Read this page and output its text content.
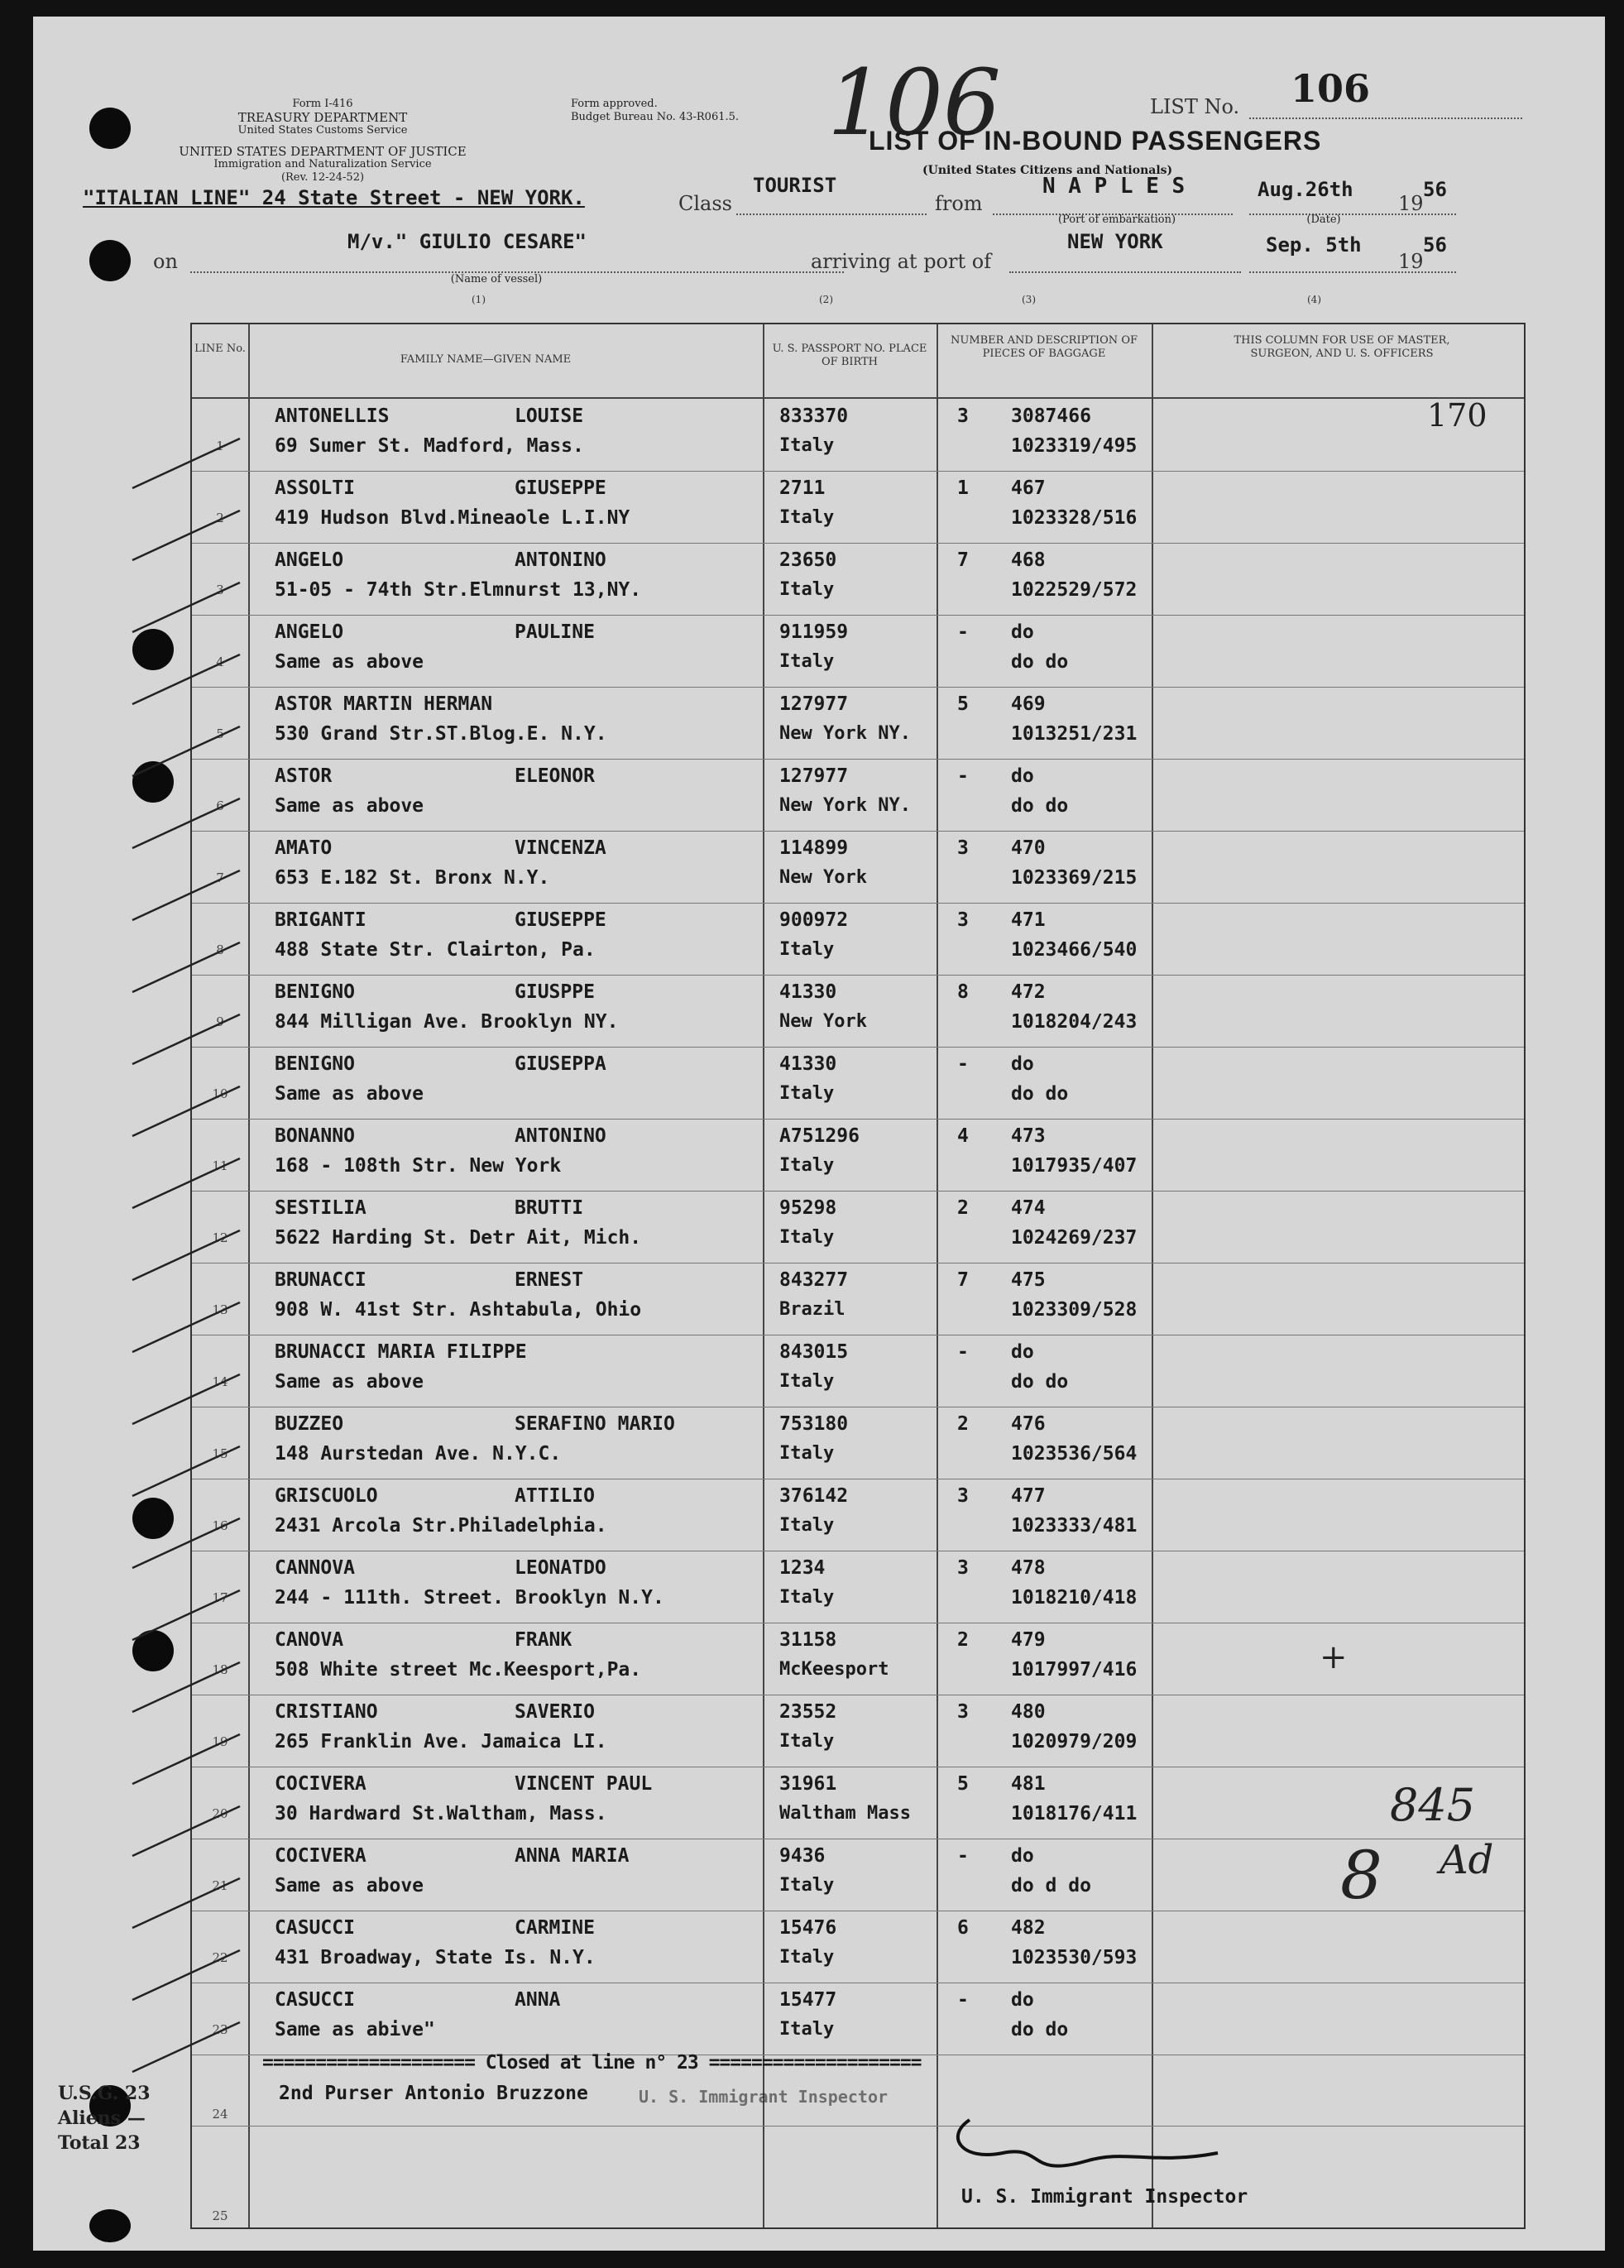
Form I-416
TREASURY DEPARTMENT
United States Customs Service
UNITED STATES DEPARTMENT OF JUSTICE
Immigration and Naturalization Service
(Rev. 12-24-52)
Form approved.
Budget Bureau No. 43-R061.5. 106	LIST No. 106
LIST OF IN-BOUND PASSENGERS
(United States Citizens and Nationals)
"ITALIAN LINE" 24 State Street - NEW YORK.	Class
TOURIST
from
N A P L E S
(Port of embarkation)
Aug.26th
19
56
(Date)
on
M/v." GIULIO CESARE"
(Name of vessel)
arriving at port of
NEW YORK	Sep. 5th
19
56
(1)	(2)	(3)	(4)
LINE No.
FAMILY NAME—GIVEN NAME
U. S. PASSPORT NO. PLACE OF BIRTH
NUMBER AND DESCRIPTION OF PIECES OF BAGGAGE
THIS COLUMN FOR USE OF MASTER, SURGEON, AND U. S. OFFICERS
1
ANTONELLIS	LOUISE
69 Sumer St. Madford, Mass.
833370
Italy
3 3087466
1023319/495
2
ASSOLTI	GIUSEPPE
419 Hudson Blvd.Mineaole L.I.NY
2711
Italy
1 467
1023328/516
3
ANGELO	ANTONINO
51-05 - 74th Str.Elmnurst 13,NY.
23650
Italy
7 468
1022529/572
4
ANGELO	PAULINE
Same as above
911959
Italy
- do
do do
5
ASTOR MARTIN HERMAN
530 Grand Str.ST.Blog.E. N.Y.
127977
New York NY.
5 469
1013251/231
6
ASTOR	ELEONOR
Same as above
127977
New York NY.
- do
do do
7
AMATO	VINCENZA
653 E.182 St. Bronx N.Y.
114899
New York
3 470
1023369/215
8
BRIGANTI	GIUSEPPE
488 State Str. Clairton, Pa.
900972
Italy
3 471
1023466/540
9
BENIGNO	GIUSPPE
844 Milligan Ave. Brooklyn NY.
41330
New York
8 472
1018204/243
10
BENIGNO	GIUSEPPA
Same as above
41330
Italy
- do
do do
11
BONANNO	ANTONINO
168 - 108th Str. New York
A751296
Italy
4 473
1017935/407
12
SESTILIA	BRUTTI
5622 Harding St. Detr Ait, Mich.
95298
Italy
2 474
1024269/237
13
BRUNACCI	ERNEST
908 W. 41st Str. Ashtabula, Ohio
843277
Brazil
7 475
1023309/528
14
BRUNACCI MARIA FILIPPE
Same as above
843015
Italy
- do
do do
15
BUZZEO	SERAFINO MARIO
148 Aurstedan Ave. N.Y.C.
753180
Italy
2 476
1023536/564
16
GRISCUOLO	ATTILIO
2431 Arcola Str.Philadelphia.
376142
Italy
3 477
1023333/481
17
CANNOVA	LEONATDO
244 - 111th. Street. Brooklyn N.Y.
1234
Italy
3 478
1018210/418
18
CANOVA	FRANK
508 White street Mc.Keesport,Pa.
31158
McKeesport
2 479
1017997/416
19
CRISTIANO	SAVERIO
265 Franklin Ave. Jamaica LI.
23552
Italy
3 480
1020979/209
20
COCIVERA	VINCENT PAUL
30 Hardward St.Waltham, Mass.
31961
Waltham Mass
5 481
1018176/411
21
COCIVERA	ANNA MARIA
Same as above
9436
Italy
- do
do d do
22
CASUCCI	CARMINE
431 Broadway, State Is. N.Y.
15476
Italy
6 482
1023530/593
23
CASUCCI	ANNA
Same as abive"
15477
Italy
- do
do do
24
25
==================== Closed at line n° 23 ====================
2nd Purser Antonio Bruzzone	U. S. Immigrant Inspector
U. S. Immigrant Inspector
170
+
8
845
Ad
U.S.G. 23
Aliens —
Total 23
